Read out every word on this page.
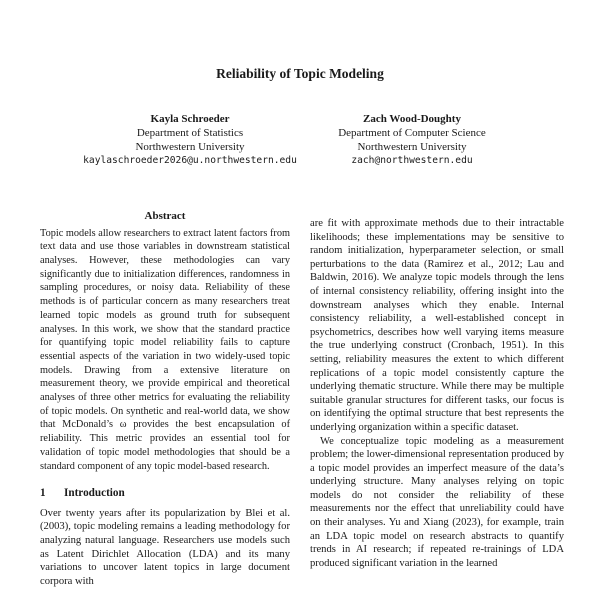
Reliability of Topic Modeling
Kayla Schroeder
Department of Statistics
Northwestern University
kaylaschroeder2026@u.northwestern.edu
Zach Wood-Doughty
Department of Computer Science
Northwestern University
zach@northwestern.edu
Abstract

Topic models allow researchers to extract latent factors from text data and use those variables in downstream statistical analyses. However, these methodologies can vary significantly due to initialization differences, randomness in sampling procedures, or noisy data. Reliability of these methods is of particular concern as many researchers treat learned topic models as ground truth for subsequent analyses. In this work, we show that the standard practice for quantifying topic model reliability fails to capture essential aspects of the variation in two widely-used topic models. Drawing from a extensive literature on measurement theory, we provide empirical and theoretical analyses of three other metrics for evaluating the reliability of topic models. On synthetic and real-world data, we show that McDonald’s ω provides the best encapsulation of reliability. This metric provides an essential tool for validation of topic model methodologies that should be a standard component of any topic model-based research.

1 Introduction

Over twenty years after its popularization by Blei et al. (2003), topic modeling remains a leading methodology for analyzing natural language. Researchers use models such as Latent Dirichlet Allocation (LDA) and its many variations to uncover latent topics in large document corpora with

are fit with approximate methods due to their intractable likelihoods; these implementations may be sensitive to random initialization, hyperparameter selection, or small perturbations to the data (Ramirez et al., 2012; Lau and Baldwin, 2016). We analyze topic models through the lens of internal consistency reliability, offering insight into the downstream analyses which they enable. Internal consistency reliability, a well-established concept in psychometrics, describes how well varying items measure the true underlying construct (Cronbach, 1951). In this setting, reliability measures the extent to which different replications of a topic model consistently capture the underlying thematic structure. While there may be multiple suitable granular structures for different tasks, our focus is on identifying the optimal structure that best represents the underlying organization within a specific dataset.

We conceptualize topic modeling as a measurement problem; the lower-dimensional representation produced by a topic model provides an imperfect measure of the data’s underlying structure. Many analyses relying on topic models do not consider the reliability of these measurements nor the effect that unreliability could have on their analyses. Yu and Xiang (2023), for example, train an LDA topic model on research abstracts to quantify trends in AI research; if repeated re-trainings of LDA produced significant variation in the learned
